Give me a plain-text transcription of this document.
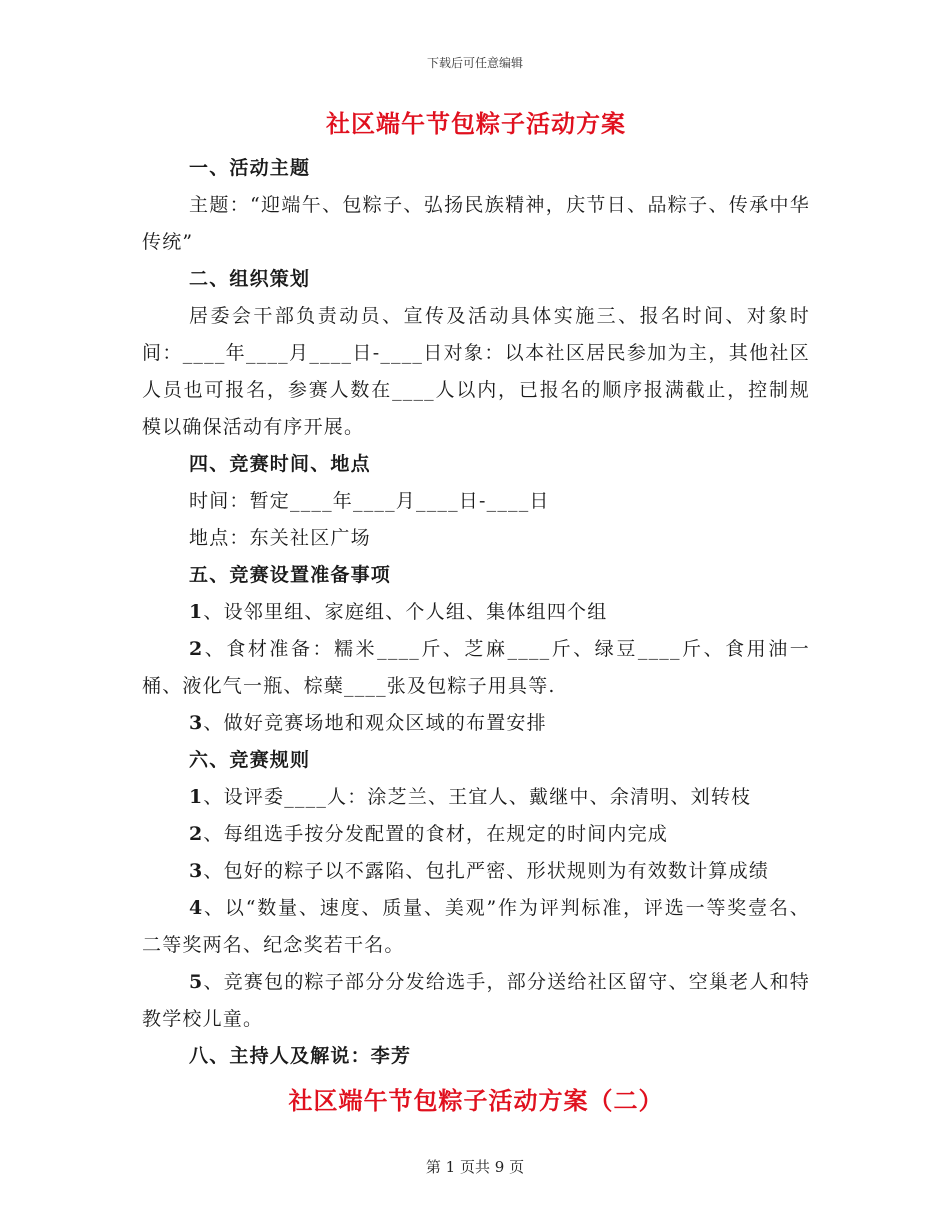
下载后可任意编辑
社区端午节包粽子活动方案

一、活动主题

主题：“迎端午、包粽子、弘扬民族精神，庆节日、品粽子、传承中华传统”

二、组织策划

居委会干部负责动员、宣传及活动具体实施三、报名时间、对象时间：____年____月____日-____日对象：以本社区居民参加为主，其他社区人员也可报名，参赛人数在____人以内，已报名的顺序报满截止，控制规模以确保活动有序开展。

四、竞赛时间、地点

时间：暂定____年____月____日-____日

地点：东关社区广场

五、竞赛设置准备事项

1、设邻里组、家庭组、个人组、集体组四个组

2、食材准备：糯米____斤、芝麻____斤、绿豆____斤、食用油一桶、液化气一瓶、棕蘖____张及包粽子用具等.

3、做好竞赛场地和观众区域的布置安排

六、竞赛规则

1、设评委____人：涂芝兰、王宜人、戴继中、余清明、刘转枝

2、每组选手按分发配置的食材，在规定的时间内完成

3、包好的粽子以不露陷、包扎严密、形状规则为有效数计算成绩

4、以“数量、速度、质量、美观”作为评判标准，评选一等奖壹名、二等奖两名、纪念奖若干名。

5、竞赛包的粽子部分分发给选手，部分送给社区留守、空巢老人和特教学校儿童。

八、主持人及解说：李芳

社区端午节包粽子活动方案（二）
第 1 页共 9 页
